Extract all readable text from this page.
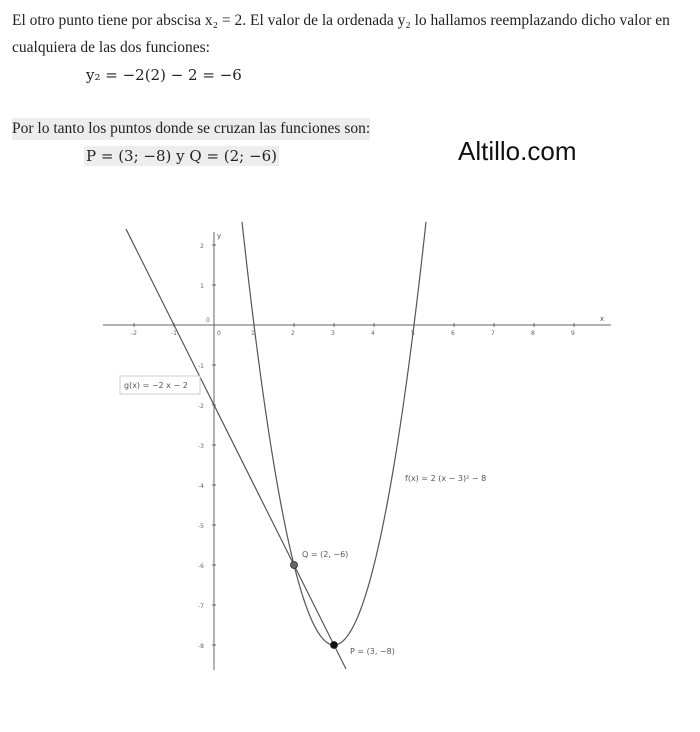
El otro punto tiene por abscisa x₂ = 2. El valor de la ordenada y₂ lo hallamos reemplazando dicho valor en
cualquiera de las dos funciones:
y₂ = −2(2) − 2 = −6
Por lo tanto los puntos donde se cruzan las funciones son:
P = (3; −8) y Q = (2; −6)	Altillo.com
x
y
-2	-1	0	1	2	3	4	5	6	7	8	9
2
1
-1
-2
-3
-4
-5
-6
-7
-8
0
g(x) = −2 x − 2
f(x) = 2 (x − 3)² − 8
Q = (2, −6)
P = (3, −8)
